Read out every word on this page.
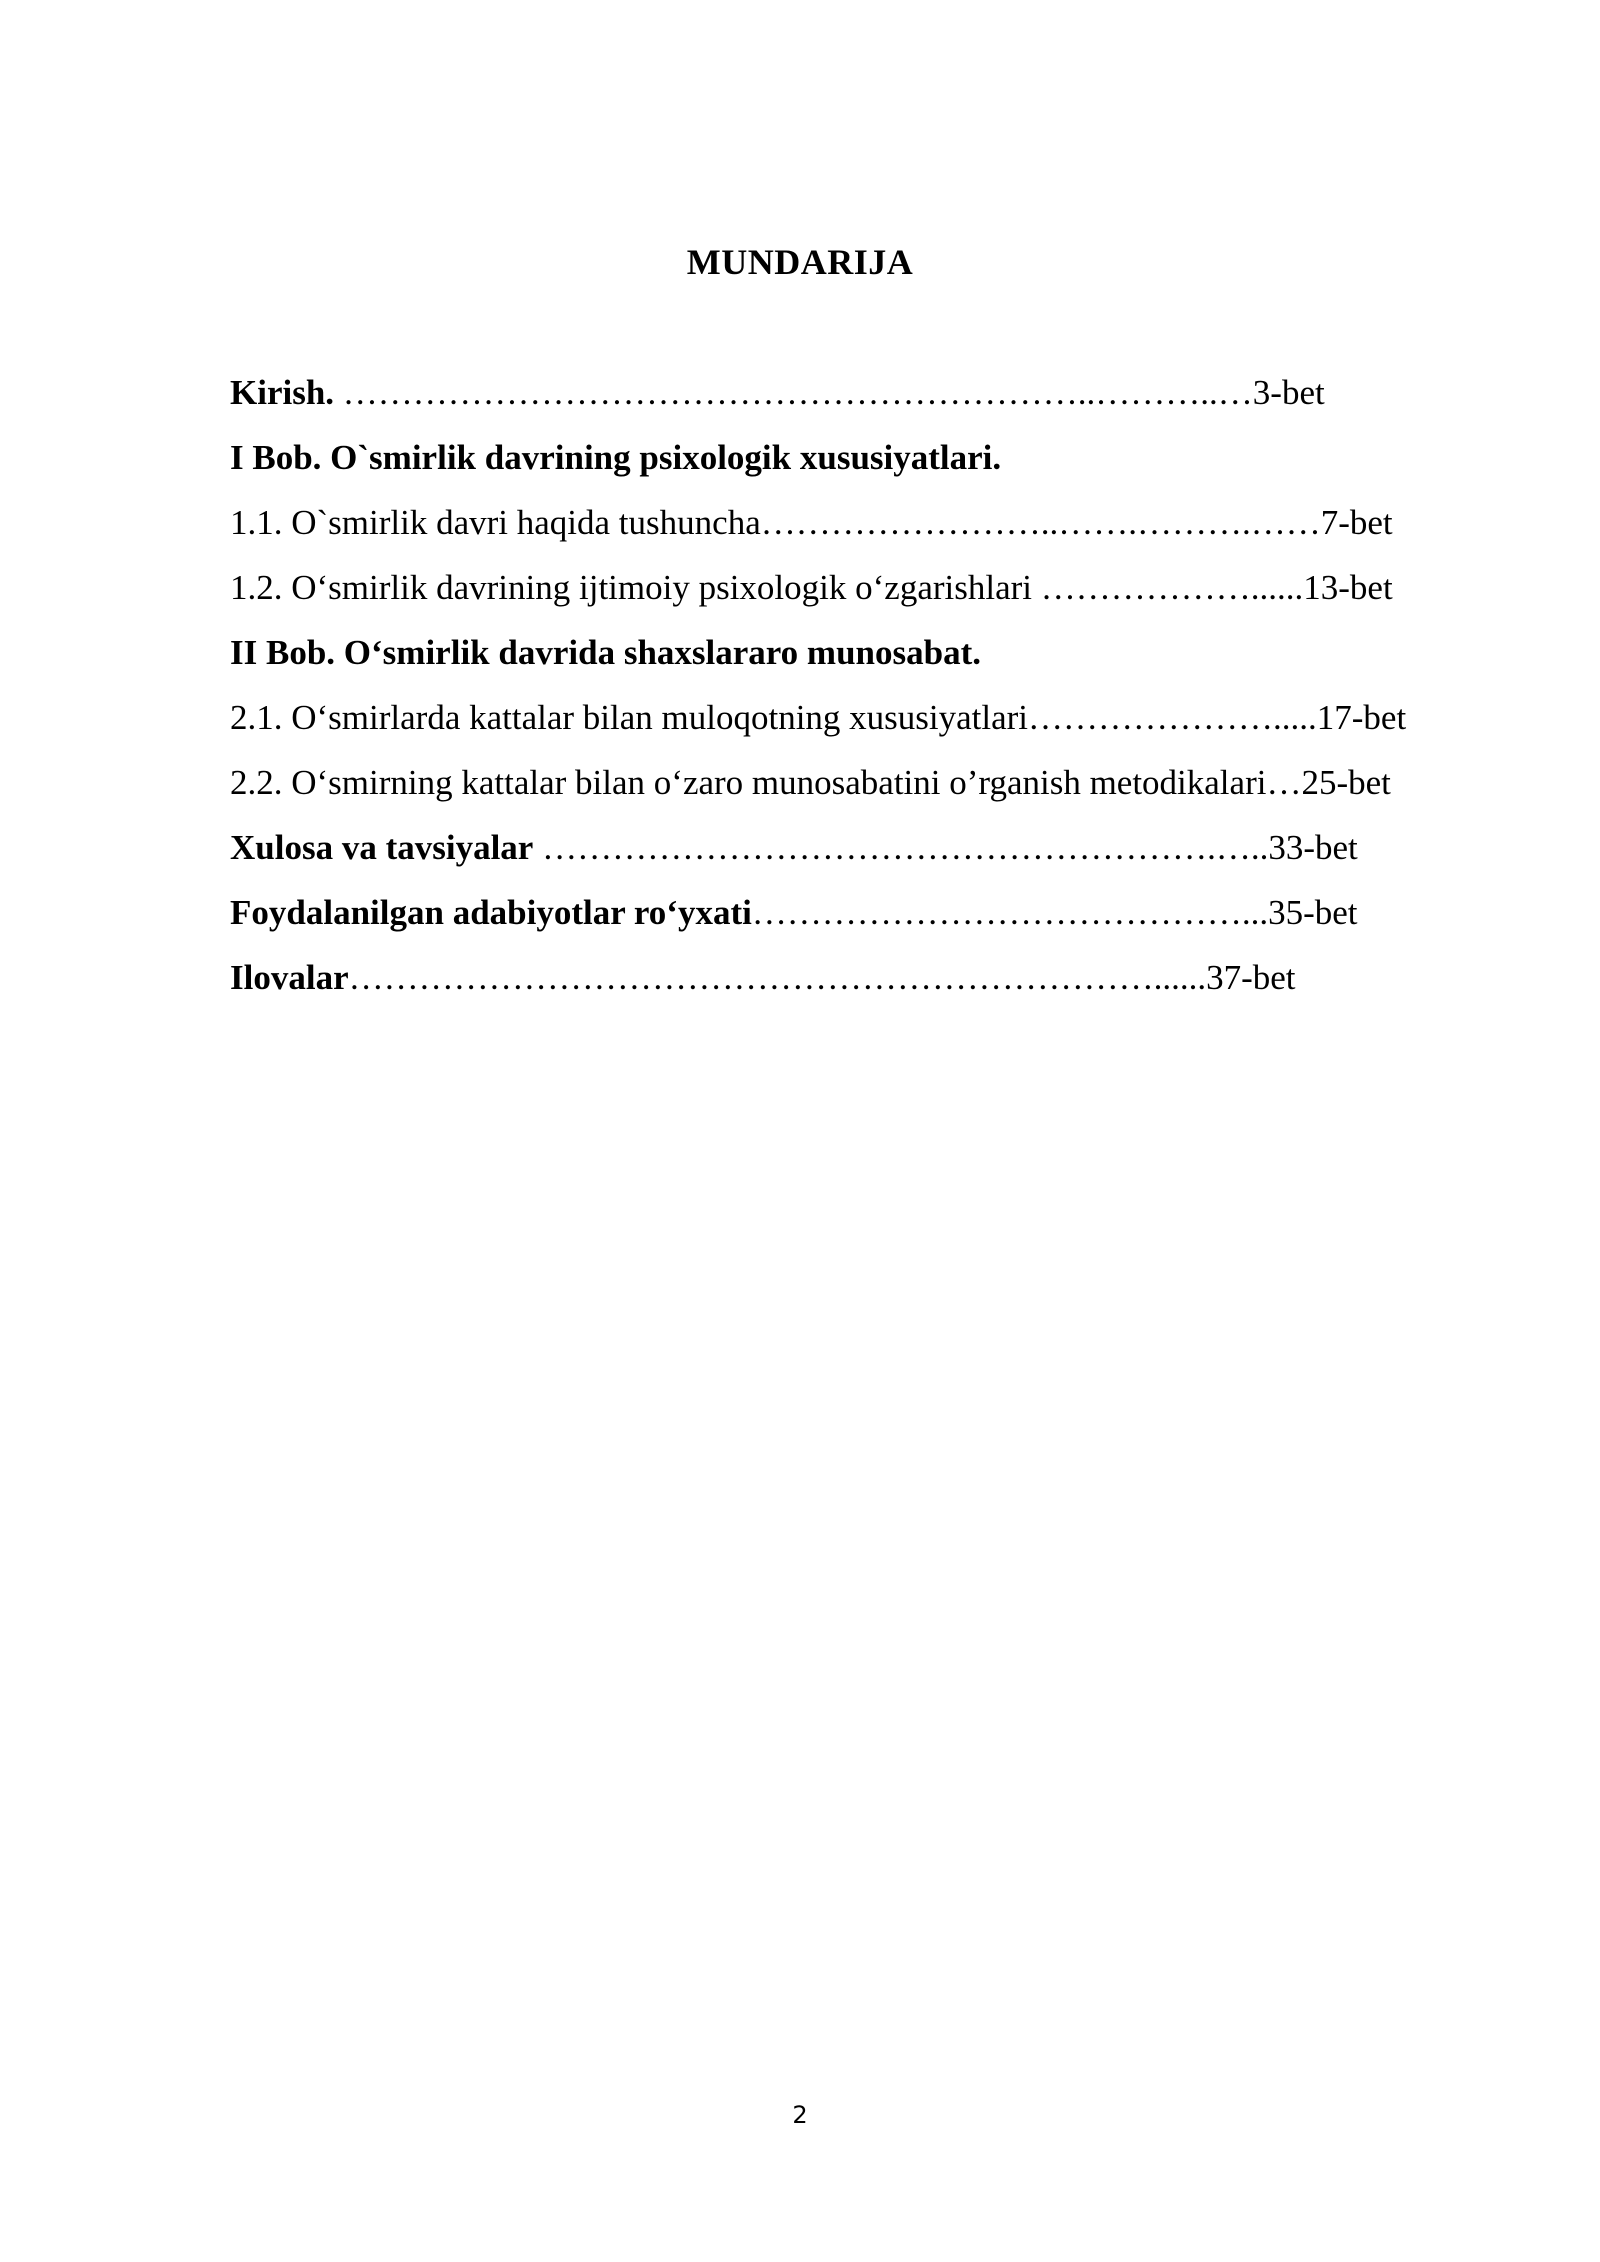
MUNDARIJA
Kirish. ………………………………………………………..………..…3-bet
I Bob. O`smirlik davrining psixologik xususiyatlari.
1.1. O`smirlik davri haqida tushuncha……………………..…….……….……7-bet
1.2. O‘smirlik davrining ijtimoiy psixologik o‘zgarishlari ………………......13-bet
II Bob. O‘smirlik davrida shaxslararo munosabat.
2.1. O‘smirlarda kattalar bilan muloqotning xususiyatlari………………….....17-bet
2.2. O‘smirning kattalar bilan o‘zaro munosabatini o’rganish metodikalari…25-bet
Xulosa va tavsiyalar ………………………………………………….…..33-bet
Foydalanilgan adabiyotlar ro‘yxati……………………………………...35-bet
Ilovalar……………………………………………………………......37-bet
2
